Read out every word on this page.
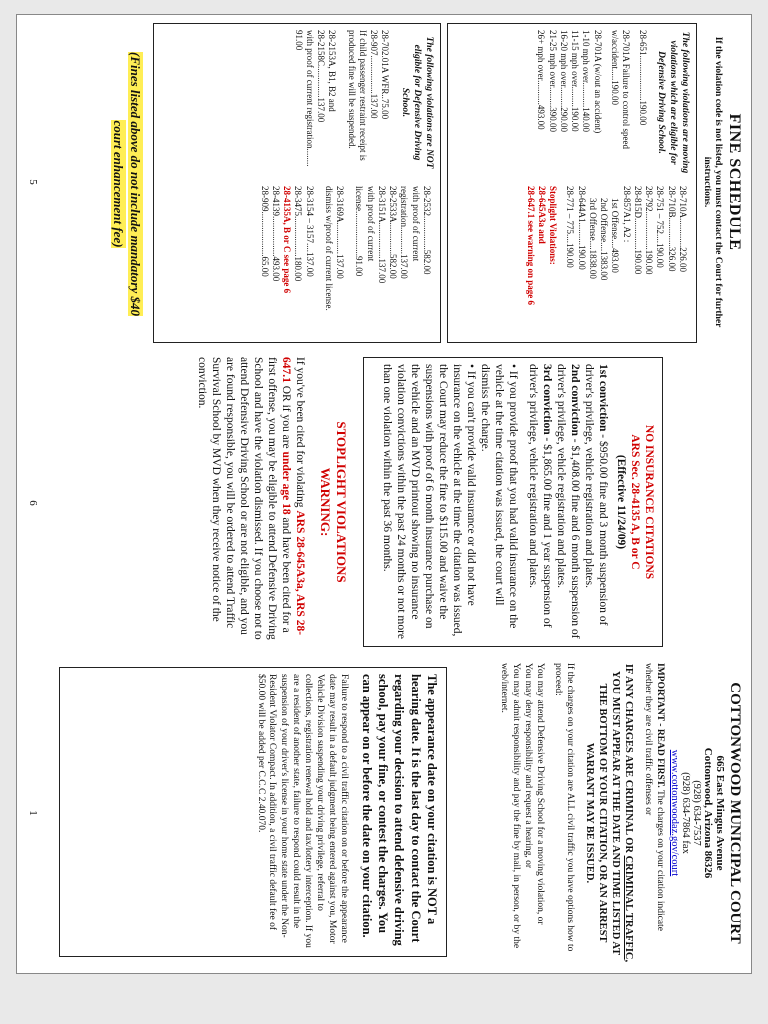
FINE SCHEDULE
If the violation code is not listed, you must contact the Court for further instructions.
The following violations are moving violations which are eligible for Defensive Driving School.
28-651....................190.00
28-701A Failure to control speed w/accident.....190.00
28-701A (w/out an accident)
1-10 mph over...........140.00
11-15 mph over.........190.00
16-20 mph over.........290.00
21-25 mph over.........390.00
26+ mph over...........493.00
28-710A.............226.00
28-710B.............326.00
28-751 – 752....190.00
28-792.................190.00
28-815D..............190.00
28-857A1, A2 :
1st Offense....493.00
2nd Offense....1383.00
3rd Offense....1838.00
28-644A1..........190.00
28-771 – 775....190.00
Stoplight Violations:
28-645A3a and
28-647.1 see warning on page 6
The following violations are NOT eligible for Defensive Driving School.
28-702.01A WFR..75.00
28-907.................137.00
If child passenger restraint receipt is produced fine will be suspended.
28-2153A, B1, B2 and
28-2158C..............137.00
with proof of current registration........ 91.00
28-2532...............582.00
with proof of current registration............137.00
28-2533A..............582.00
28-3151A................137.00
with proof of current license....................91.00
28-3169A..............137.00
dismiss w/proof of current license.
28-3154 – 3157....137.00
28-3475..................180.00
28-4135A, B or C see page 6
28-4139..................493.00
28-909....................65.00
(Fines listed above do not include mandatory $40 court enhancement fee)
5
NO INSURANCE CITATIONS
ARS Sec. 28-4135 A, B or C
(Effective 11/24/09)

1st conviction - $950.00 fine and 3 month suspension of driver's privilege, vehicle registration and plates.

2nd conviction - $1,408.00 fine and 6 month suspension of driver's privilege, vehicle registration and plates.

3rd conviction - $1,865.00 fine and 1 year suspension of driver's privilege, vehicle registration and plates.

• If you provide proof that you had valid insurance on the vehicle at the time citation was issued, the court will dismiss the charge.

• If you can't provide valid insurance or did not have insurance on the vehicle at the time the citation was issued, the Court may reduce the fine to $115.00 and waive the suspensions with proof of 6 month insurance purchase on the vehicle and an MVD printout showing no insurance violation convictions within the past 24 months or not more than one violation within the past 36 months.

STOPLIGHT VIOLATIONS
WARNING:

If you've been cited for violating ARS 28-645A3a, ARS 28-647.1 OR if you are under age 18 and have been cited for a first offense, you may be eligible to attend Defensive Driving School and have the violation dismissed. If you choose not to attend Defensive Driving School or are not eligible, and you are found responsible, you will be ordered to attend Traffic Survival School by MVD when they receive notice of the conviction.

6
COTTONWOOD MUNICIPAL COURT
665 East Mingus Avenue
Cottonwood, Arizona 86326
(928) 634-7537
(928) 634-7864 fax
www.cottonwoodaz.gov/court

IMPORTANT - READ FIRST. The charges on your citation indicate whether they are civil traffic offenses or

IF ANY CHARGES ARE CRIMINAL OR CRIMINAL TRAFFIC, YOU MUST APPEAR AT THE DATE AND TIME LISTED AT THE BOTTOM OF YOUR CITATION, OR AN ARREST WARRANT MAY BE ISSUED.

If the charges on your citation are ALL civil traffic you have options how to proceed:

You may attend Defensive Driving School for a moving violation, or

You may deny responsibility and request a hearing, or

You may admit responsibility and pay the fine by mail, in person, or by the web/internet.

The appearance date on your citation is NOT a hearing date. It is the last day to contact the Court regarding your decision to attend defensive driving school, pay your fine, or contest the charges. You can appear on or before the date on your citation.

Failure to respond to a civil traffic citation on or before the appearance date may result in a default judgment being entered against you, Motor Vehicle Division suspending your driving privilege, referral to collections, registration renewal hold and tax/lottery interception. If you are a resident of another state, failure to respond could result in the suspension of your driver's license in your home state under the Non-Resident Violator Compact. In addition, a civil traffic default fee of $50.00 will be added per C.C.C 2.40.070.

1
